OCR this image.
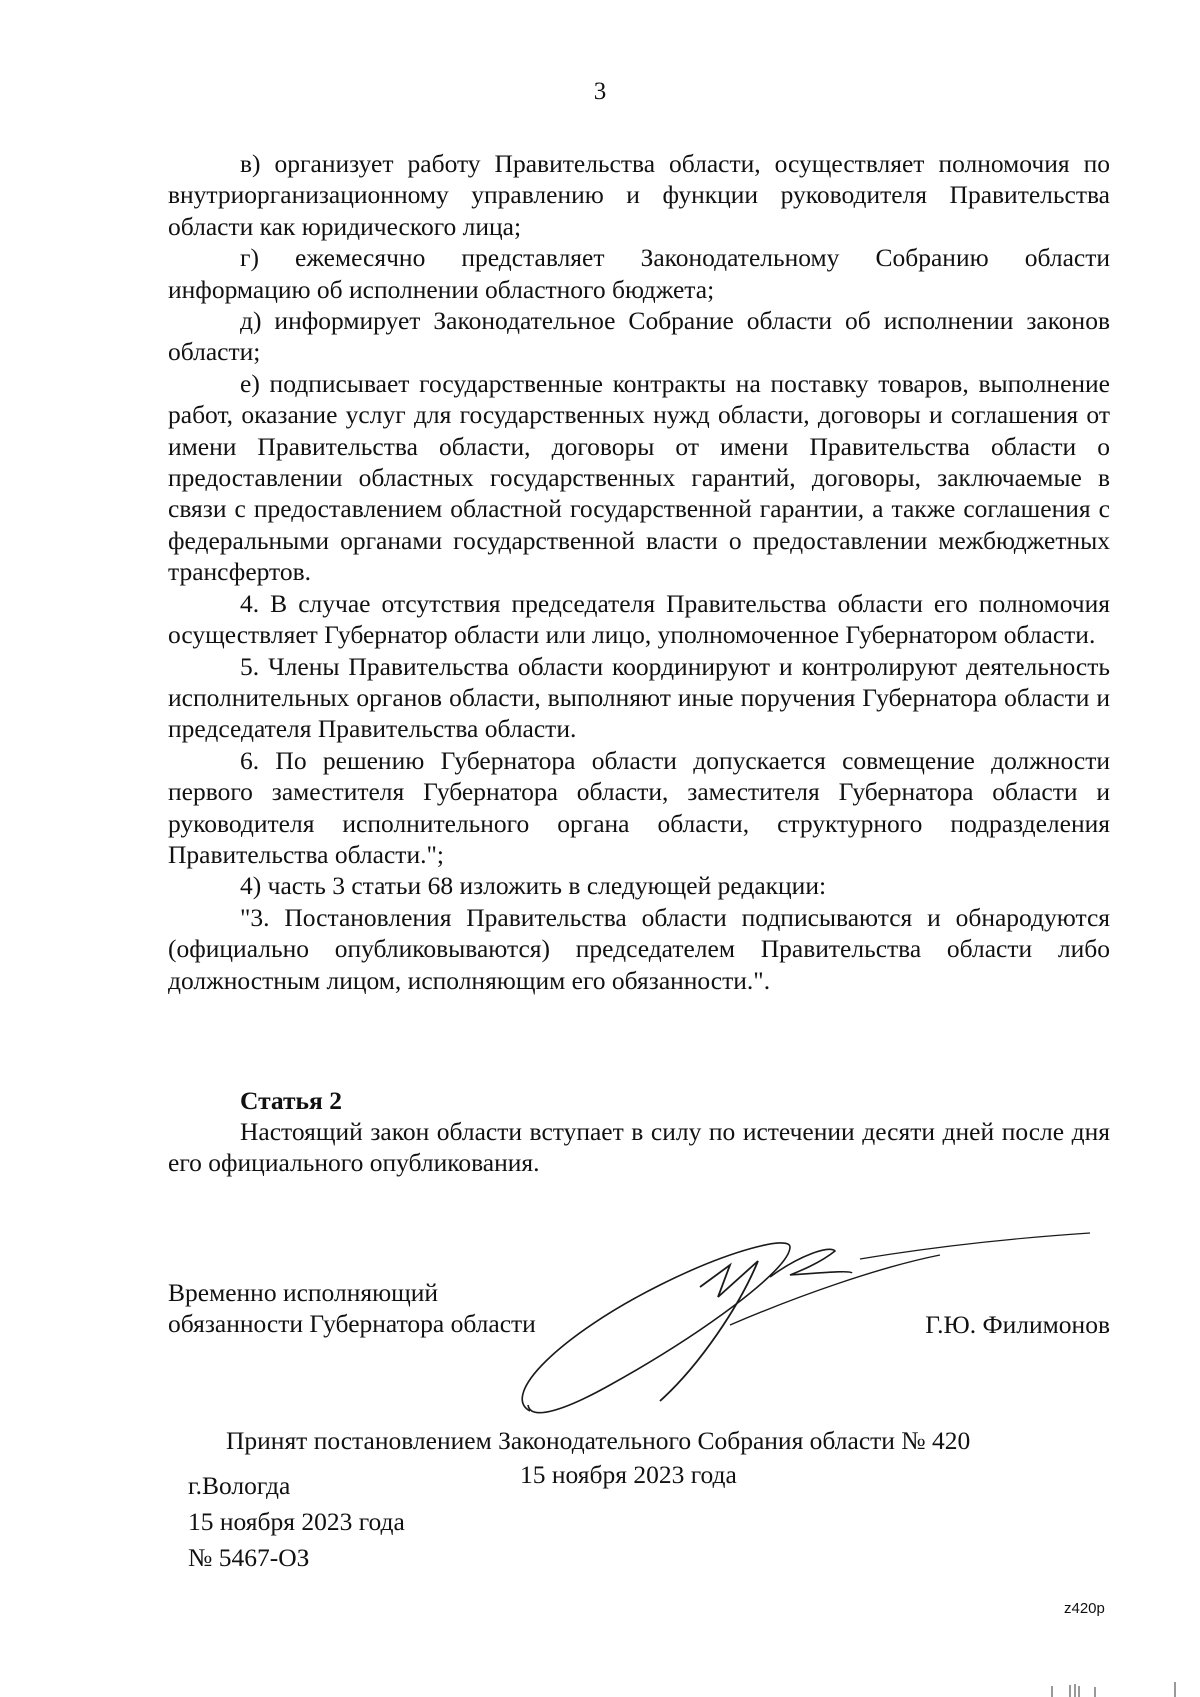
3

в) организует работу Правительства области, осуществляет полномочия по внутриорганизационному управлению и функции руководителя Правительства области как юридического лица;

г) ежемесячно представляет Законодательному Собранию области информацию об исполнении областного бюджета;

д) информирует Законодательное Собрание области об исполнении законов области;

е) подписывает государственные контракты на поставку товаров, выполнение работ, оказание услуг для государственных нужд области, договоры и соглашения от имени Правительства области, договоры от имени Правительства области о предоставлении областных государственных гарантий, договоры, заключаемые в связи с предоставлением областной государственной гарантии, а также соглашения с федеральными органами государственной власти о предоставлении межбюджетных трансфертов.

4. В случае отсутствия председателя Правительства области его полномочия осуществляет Губернатор области или лицо, уполномоченное Губернатором области.

5. Члены Правительства области координируют и контролируют деятельность исполнительных органов области, выполняют иные поручения Губернатора области и председателя Правительства области.

6. По решению Губернатора области допускается совмещение должности первого заместителя Губернатора области, заместителя Губернатора области и руководителя исполнительного органа области, структурного подразделения Правительства области.";

4) часть 3 статьи 68 изложить в следующей редакции:

"3. Постановления Правительства области подписываются и обнародуются (официально опубликовываются) председателем Правительства области либо должностным лицом, исполняющим его обязанности.".

Статья 2

Настоящий закон области вступает в силу по истечении десяти дней после дня его официального опубликования.

Временно исполняющий
обязанности Губернатора области	Г.Ю. Филимонов
Принят постановлением Законодательного Собрания области № 420
15 ноября 2023 года
г.Вологда
15 ноября 2023 года
№ 5467-ОЗ
z420p
